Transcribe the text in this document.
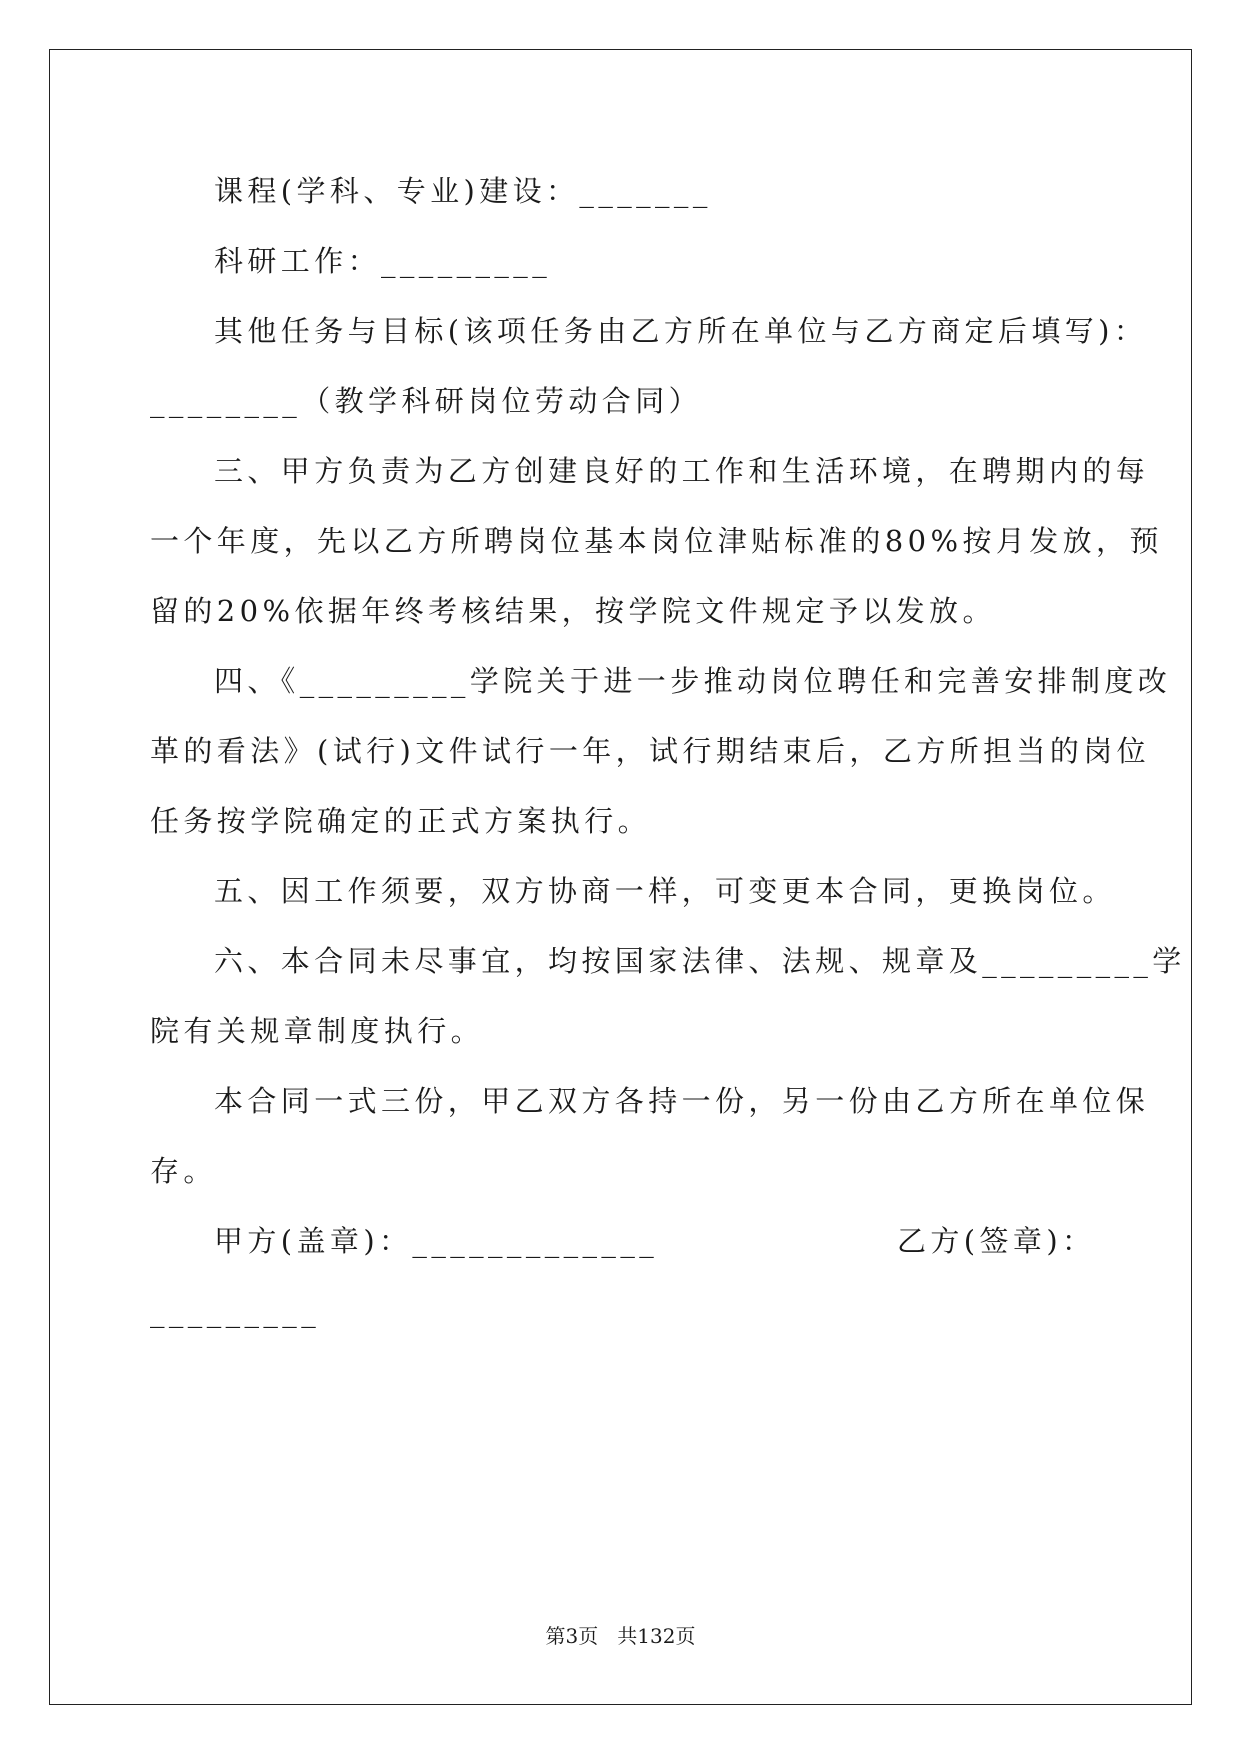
课程(学科、专业)建设：_______
科研工作：_________
其他任务与目标(该项任务由乙方所在单位与乙方商定后填写)：
________（教学科研岗位劳动合同）
三、甲方负责为乙方创建良好的工作和生活环境，在聘期内的每
一个年度，先以乙方所聘岗位基本岗位津贴标准的80%按月发放，预
留的20%依据年终考核结果，按学院文件规定予以发放。
四、《_________学院关于进一步推动岗位聘任和完善安排制度改
革的看法》(试行)文件试行一年，试行期结束后，乙方所担当的岗位
任务按学院确定的正式方案执行。
五、因工作须要，双方协商一样，可变更本合同，更换岗位。
六、本合同未尽事宜，均按国家法律、法规、规章及_________学
院有关规章制度执行。
本合同一式三份，甲乙双方各持一份，另一份由乙方所在单位保
存。
甲方(盖章)：_____________	乙方(签章)：
_________
第3页   共132页
